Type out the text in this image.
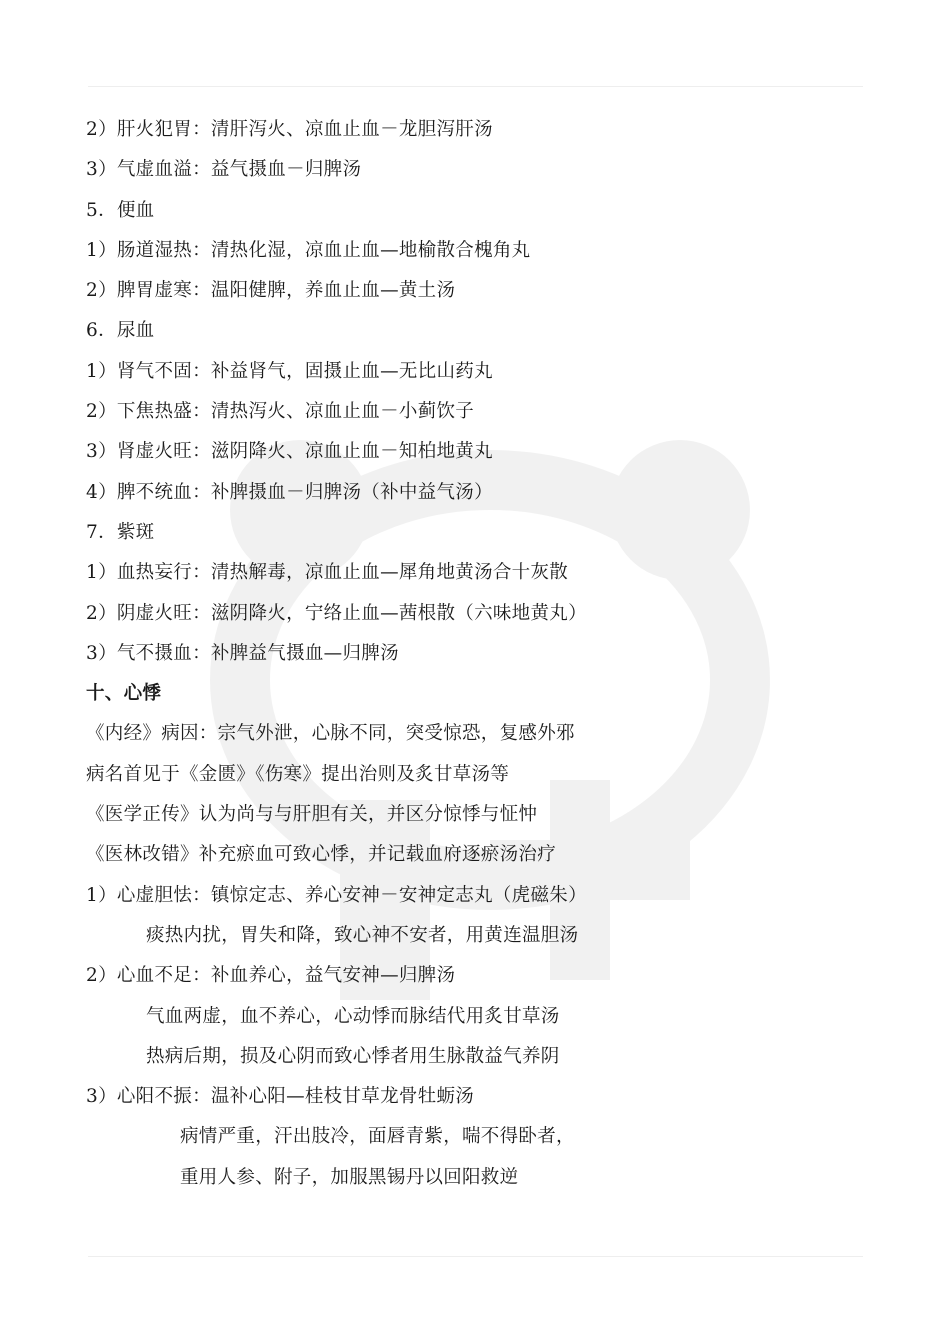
2）肝火犯胃：清肝泻火、凉血止血－龙胆泻肝汤
3）气虚血溢：益气摄血－归脾汤
5．便血
1）肠道湿热：清热化湿，凉血止血—地榆散合槐角丸
2）脾胃虚寒：温阳健脾，养血止血—黄土汤
6．尿血
1）肾气不固：补益肾气，固摄止血—无比山药丸
2）下焦热盛：清热泻火、凉血止血－小蓟饮子
3）肾虚火旺：滋阴降火、凉血止血－知柏地黄丸
4）脾不统血：补脾摄血－归脾汤（补中益气汤）
7．紫斑
1）血热妄行：清热解毒，凉血止血—犀角地黄汤合十灰散
2）阴虚火旺：滋阴降火，宁络止血—茜根散（六味地黄丸）
3）气不摄血：补脾益气摄血—归脾汤
十、心悸
《内经》病因：宗气外泄，心脉不同，突受惊恐，复感外邪
病名首见于《金匮》《伤寒》提出治则及炙甘草汤等
《医学正传》认为尚与与肝胆有关，并区分惊悸与怔忡
《医林改错》补充瘀血可致心悸，并记载血府逐瘀汤治疗
1）心虚胆怯：镇惊定志、养心安神－安神定志丸（虎磁朱）
痰热内扰，胃失和降，致心神不安者，用黄连温胆汤
2）心血不足：补血养心，益气安神—归脾汤
气血两虚，血不养心，心动悸而脉结代用炙甘草汤
热病后期，损及心阴而致心悸者用生脉散益气养阴
3）心阳不振：温补心阳—桂枝甘草龙骨牡蛎汤
病情严重，汗出肢冷，面唇青紫，喘不得卧者，
重用人参、附子，加服黑锡丹以回阳救逆
